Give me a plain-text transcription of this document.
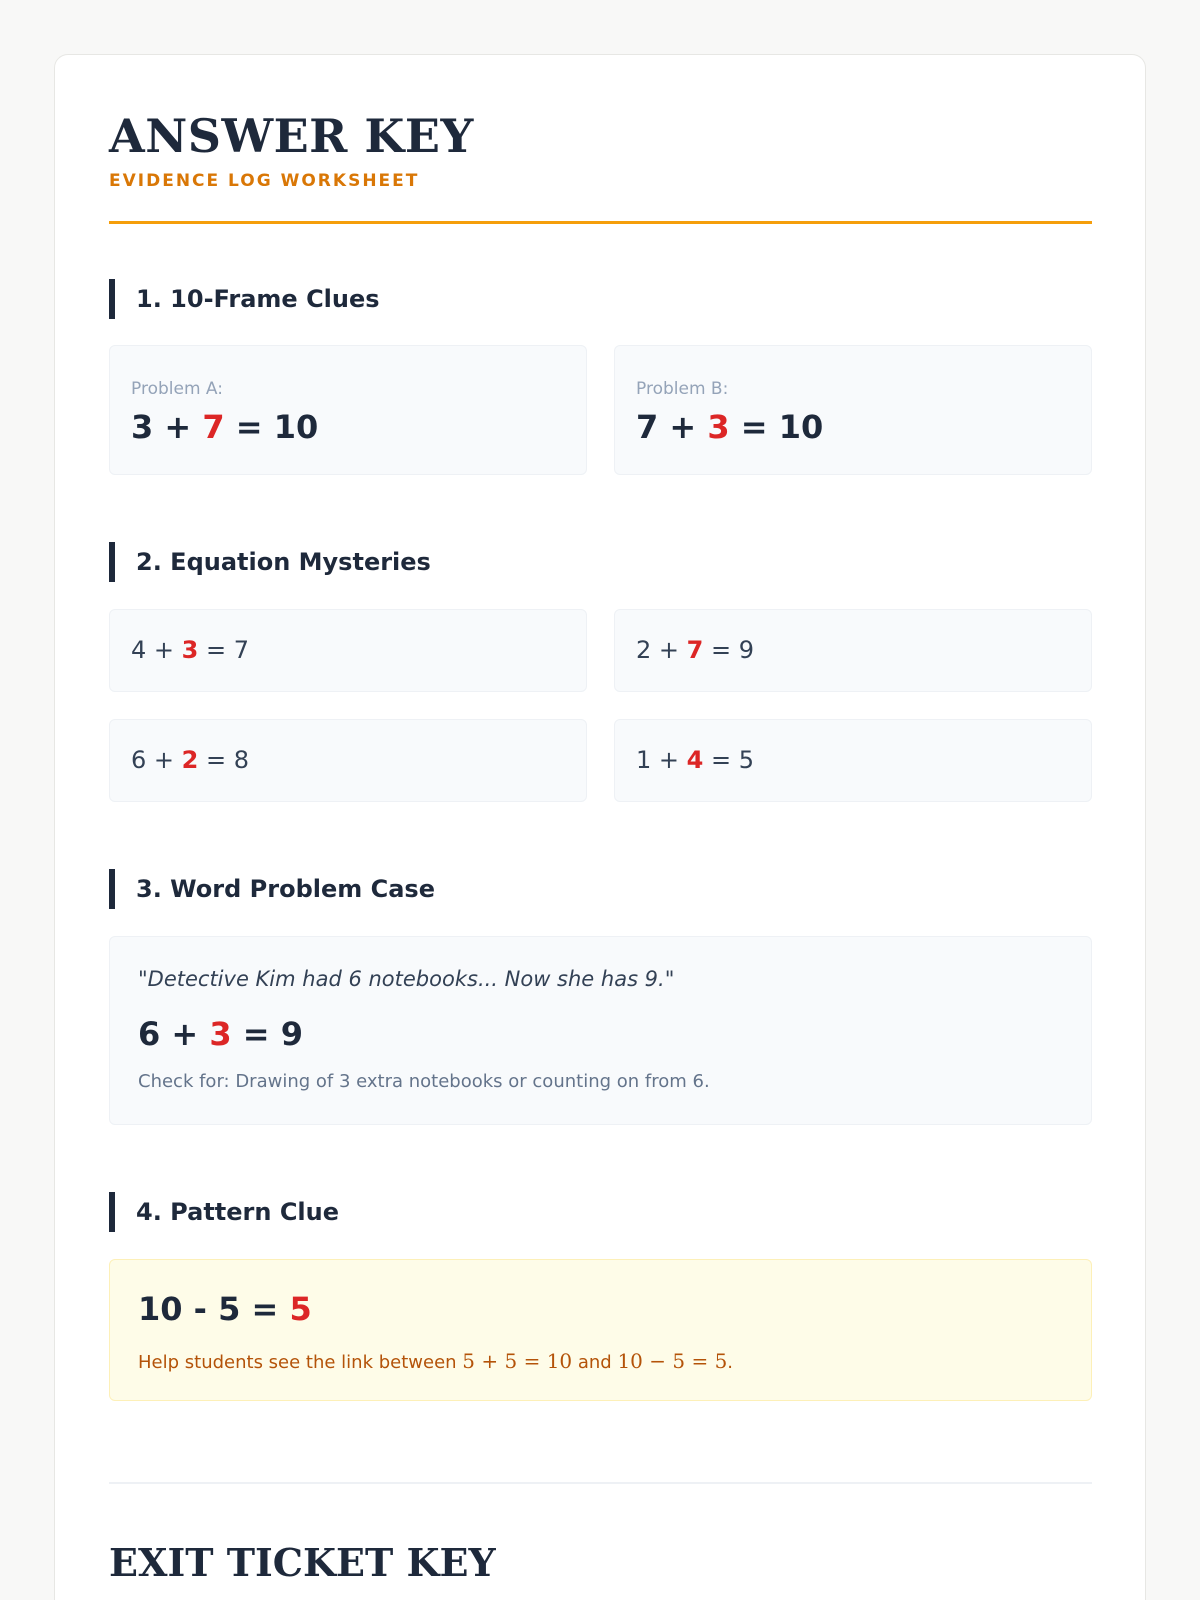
ANSWER KEY
EVIDENCE LOG WORKSHEET
1. 10-Frame Clues
Problem A:
3 + 7 = 10
Problem B:
7 + 3 = 10
2. Equation Mysteries
4 + 3 = 7	2 + 7 = 9
6 + 2 = 8	1 + 4 = 5
3. Word Problem Case
"Detective Kim had 6 notebooks... Now she has 9."
6 + 3 = 9
Check for: Drawing of 3 extra notebooks or counting on from 6.
4. Pattern Clue
10 - 5 = 5
Help students see the link between 5 + 5 = 10 and 10 − 5 = 5.
EXIT TICKET KEY
